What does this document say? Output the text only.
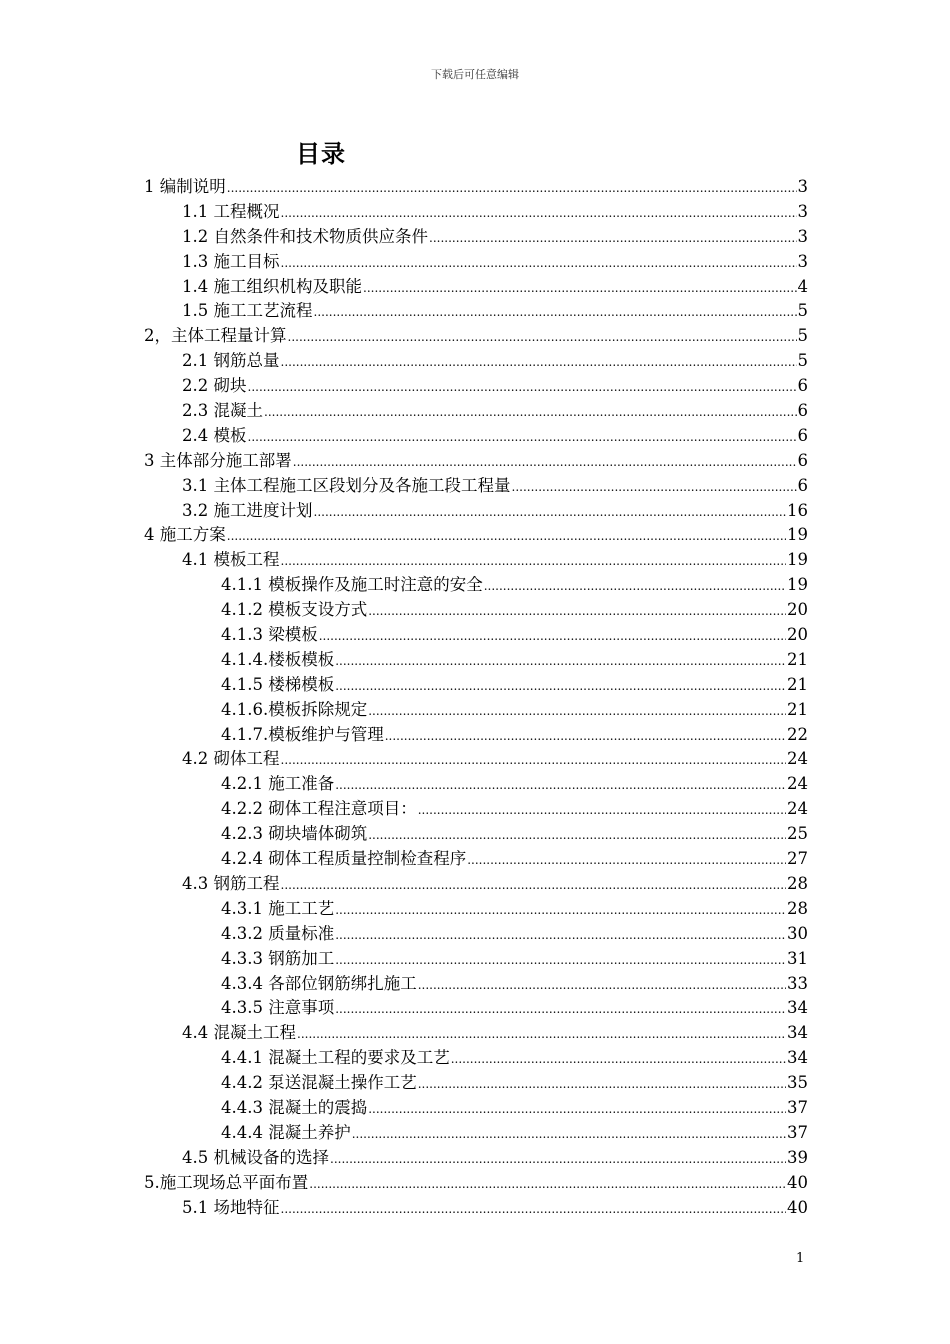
下载后可任意编辑
目录
1 编制说明 .....	3
1.1 工程概况 .....	3
1.2 自然条件和技术物质供应条件 .....	3
1.3 施工目标 .....	3
1.4 施工组织机构及职能 .....	4
1.5 施工工艺流程 .....	5
2，主体工程量计算 .....	5
2.1 钢筋总量 .....	5
2.2 砌块 .....	6
2.3 混凝土 .....	6
2.4 模板 .....	6
3 主体部分施工部署 .....	6
3.1 主体工程施工区段划分及各施工段工程量 .....	6
3.2 施工进度计划 .....	16
4 施工方案 .....	19
4.1 模板工程 .....	19
4.1.1 模板操作及施工时注意的安全 .....	19
4.1.2 模板支设方式 .....	20
4.1.3 梁模板 .....	20
4.1.4.楼板模板 .....	21
4.1.5 楼梯模板 .....	21
4.1.6.模板拆除规定 .....	21
4.1.7.模板维护与管理 .....	22
4.2 砌体工程 .....	24
4.2.1 施工准备 .....	24
4.2.2 砌体工程注意项目： .....	24
4.2.3 砌块墙体砌筑 .....	25
4.2.4 砌体工程质量控制检查程序 .....	27
4.3 钢筋工程 .....	28
4.3.1 施工工艺 .....	28
4.3.2 质量标准 .....	30
4.3.3 钢筋加工 .....	31
4.3.4 各部位钢筋绑扎施工 .....	33
4.3.5 注意事项 .....	34
4.4 混凝土工程 .....	34
4.4.1 混凝土工程的要求及工艺 .....	34
4.4.2 泵送混凝土操作工艺 .....	35
4.4.3 混凝土的震捣 .....	37
4.4.4 混凝土养护 .....	37
4.5 机械设备的选择 .....	39
5.施工现场总平面布置 .....	40
5.1 场地特征 .....	40
1
